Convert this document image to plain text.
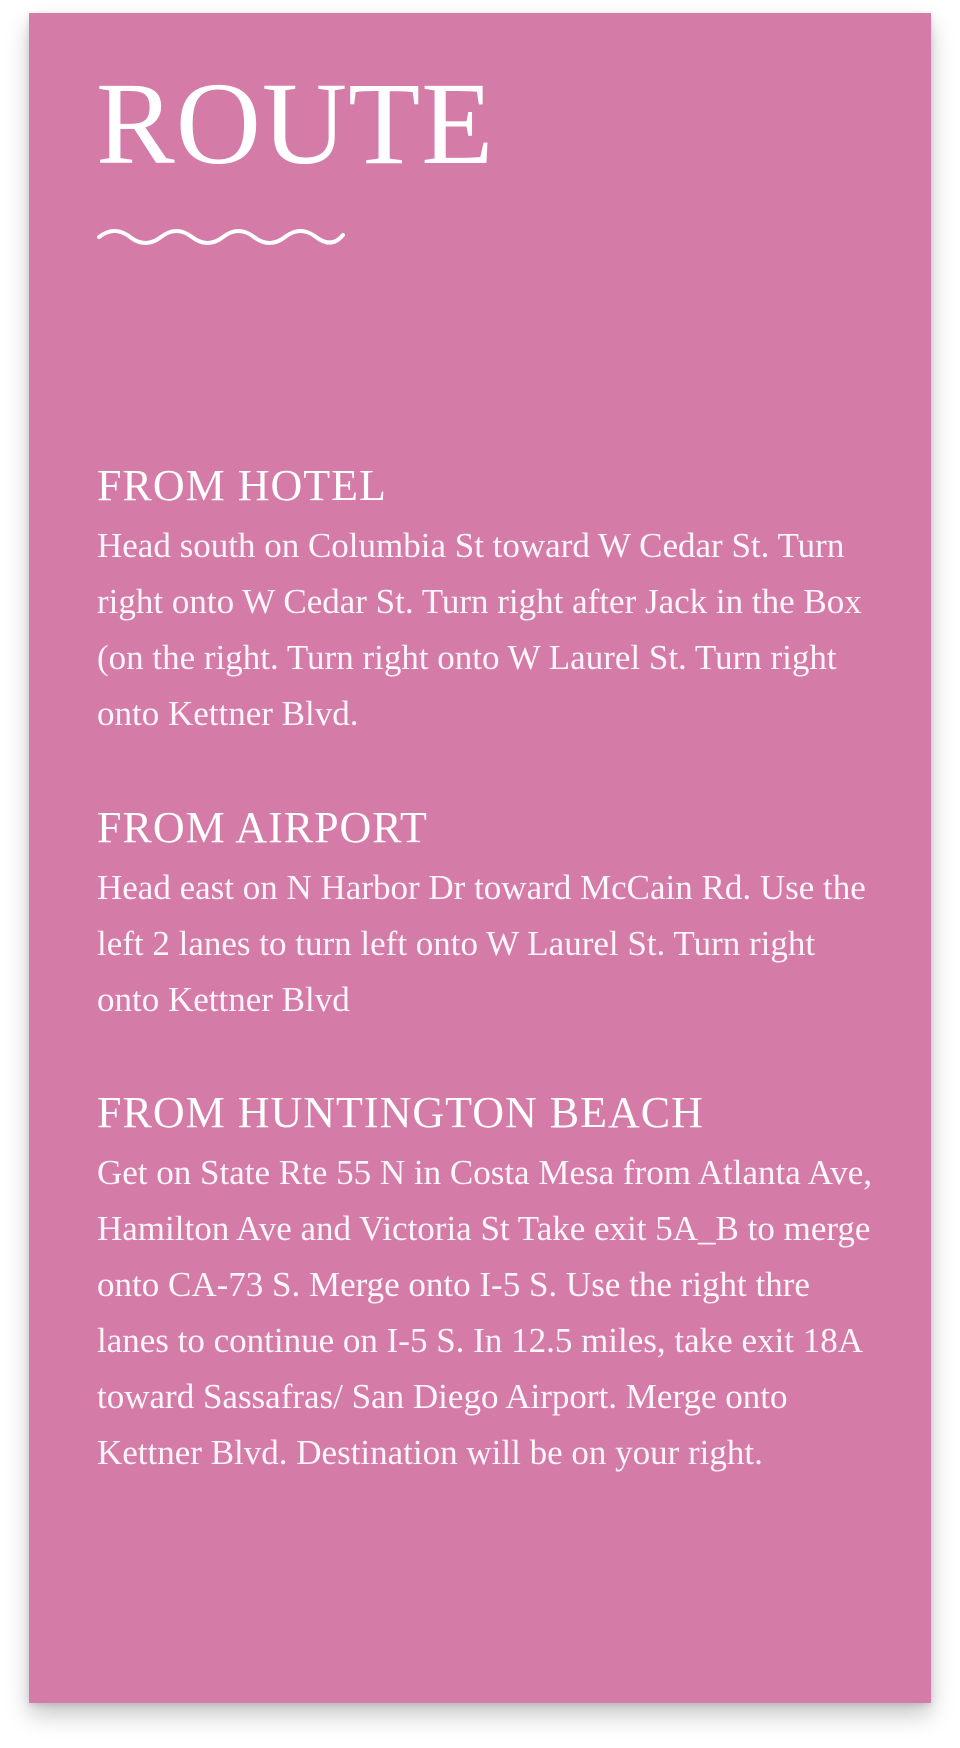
ROUTE
FROM HOTEL

Head south on Columbia St toward W Cedar St. Turn right onto W Cedar St. Turn right after Jack in the Box (on the right. Turn right onto W Laurel St. Turn right onto Kettner Blvd.

FROM AIRPORT

Head east on N Harbor Dr toward McCain Rd. Use the left 2 lanes to turn left onto W Laurel St. Turn right onto Kettner Blvd

FROM HUNTINGTON BEACH

Get on State Rte 55 N in Costa Mesa from Atlanta Ave, Hamilton Ave and Victoria St Take exit 5A_B to merge onto CA-73 S. Merge onto I-5 S. Use the right thre lanes to continue on I-5 S. In 12.5 miles, take exit 18A toward Sassafras/ San Diego Airport. Merge onto Kettner Blvd. Destination will be on your right.
